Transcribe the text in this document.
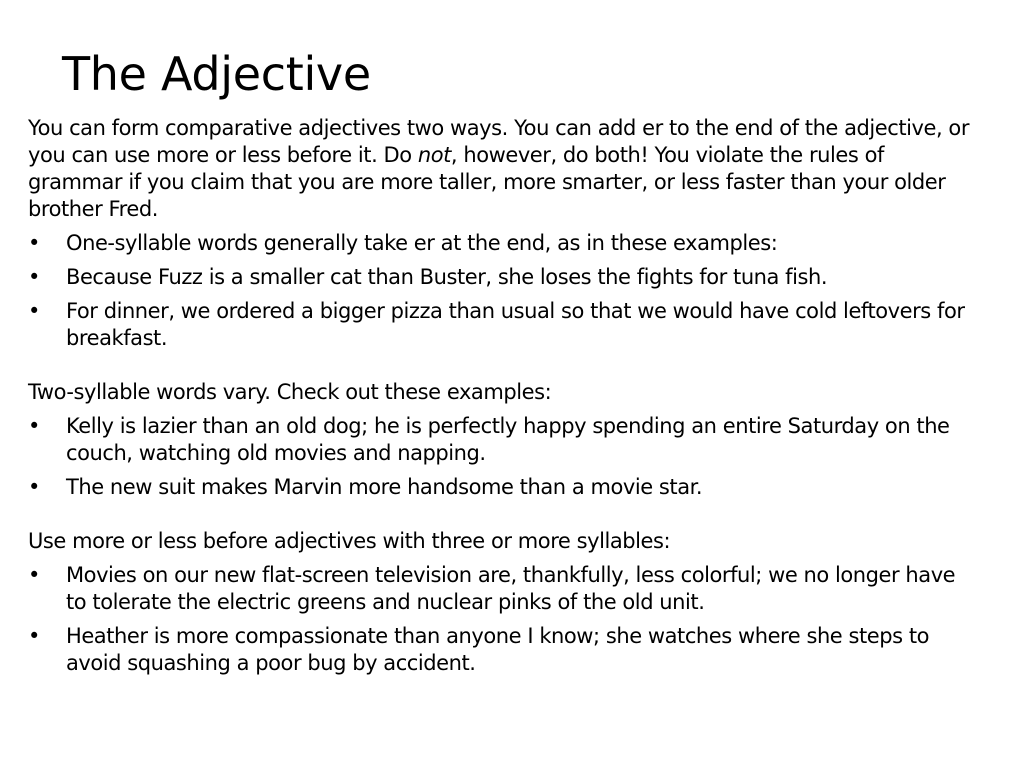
The Adjective

You can form comparative adjectives two ways. You can add er to the end of the adjective, or you can use more or less before it. Do not, however, do both! You violate the rules of grammar if you claim that you are more taller, more smarter, or less faster than your older brother Fred.

• One-syllable words generally take er at the end, as in these examples:
• Because Fuzz is a smaller cat than Buster, she loses the fights for tuna fish.
• For dinner, we ordered a bigger pizza than usual so that we would have cold leftovers for breakfast.

Two-syllable words vary. Check out these examples:

• Kelly is lazier than an old dog; he is perfectly happy spending an entire Saturday on the couch, watching old movies and napping.
• The new suit makes Marvin more handsome than a movie star.

Use more or less before adjectives with three or more syllables:

• Movies on our new flat-screen television are, thankfully, less colorful; we no longer have to tolerate the electric greens and nuclear pinks of the old unit.
• Heather is more compassionate than anyone I know; she watches where she steps to avoid squashing a poor bug by accident.
